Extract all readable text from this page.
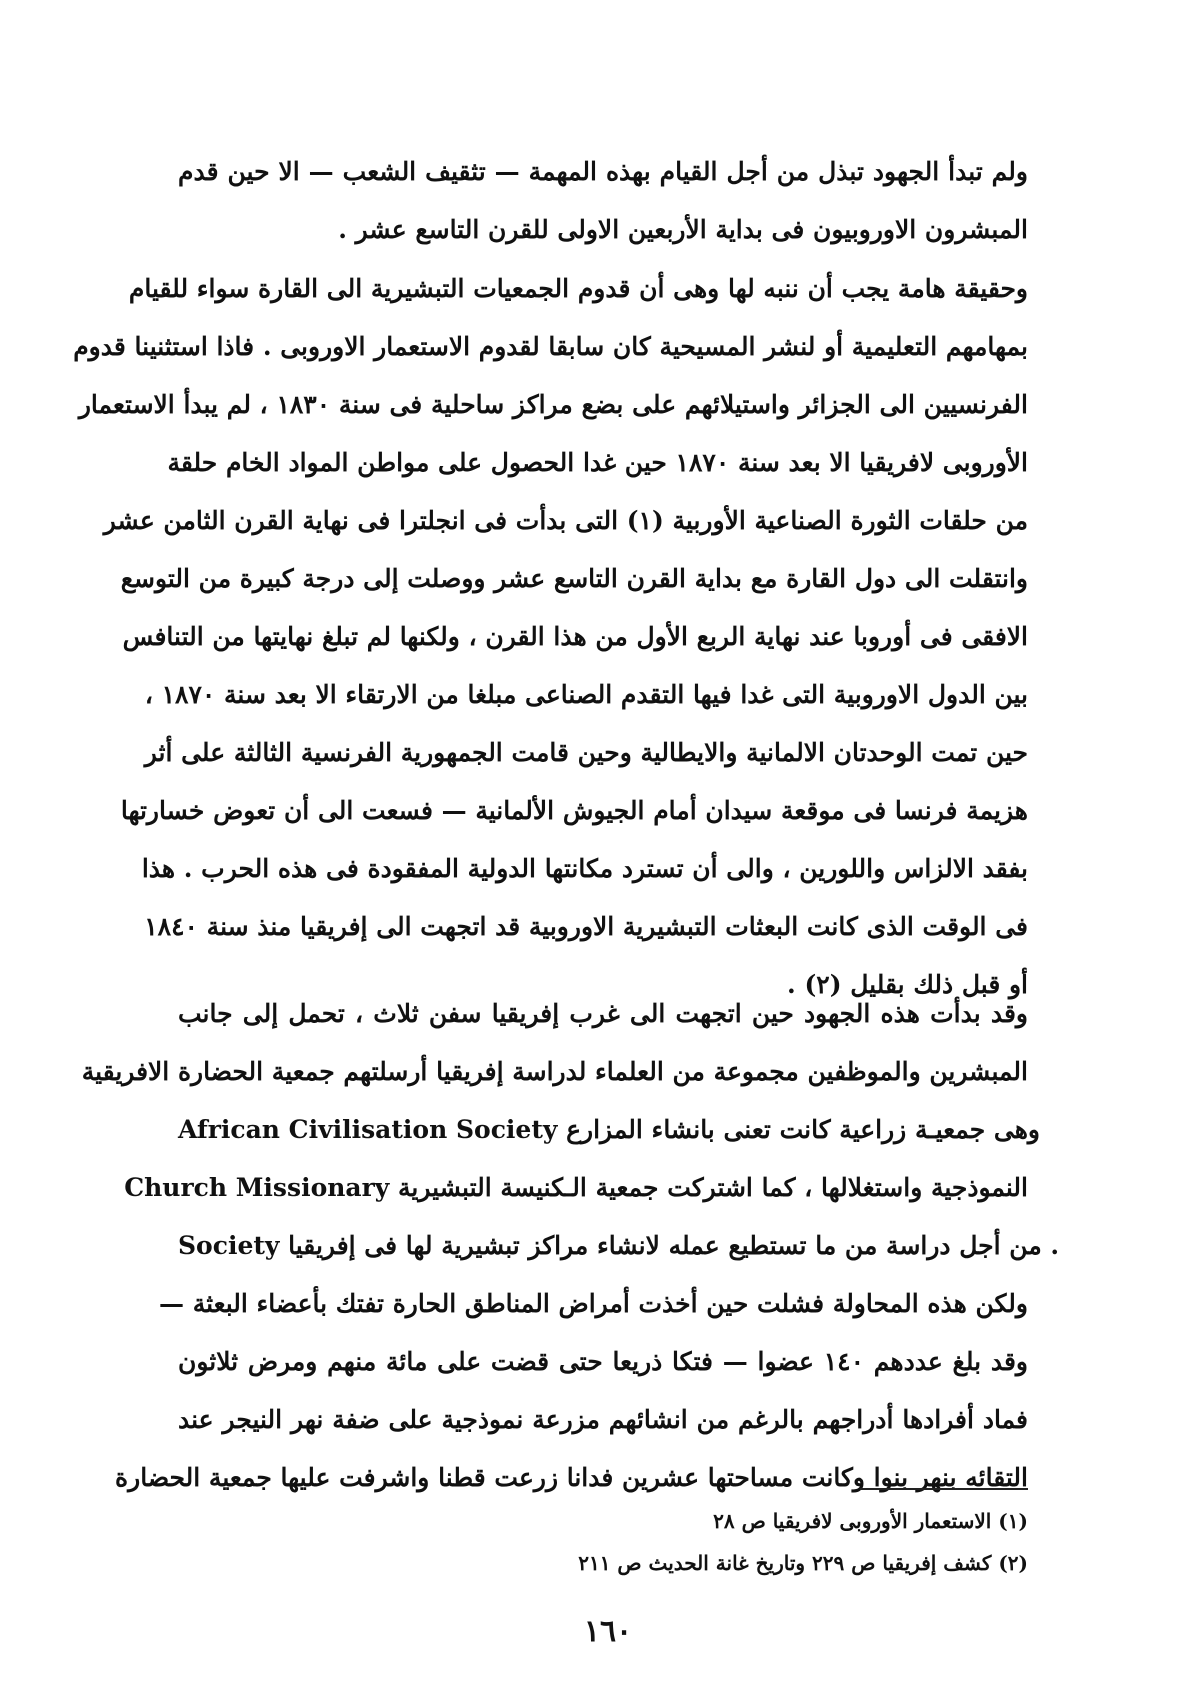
ولم تبدأ الجهود تبذل من أجل القيام بهذه المهمة — تثقيف الشعب — الا حين قدم
المبشرون الاوروبيون فى بداية الأربعين الاولى للقرن التاسع عشر .
وحقيقة هامة يجب أن ننبه لها وهى أن قدوم الجمعيات التبشيرية الى القارة سواء للقيام
بمهامهم التعليمية أو لنشر المسيحية كان سابقا لقدوم الاستعمار الاوروبى . فاذا استثنينا قدوم
الفرنسيين الى الجزائر واستيلائهم على بضع مراكز ساحلية فى سنة ١٨٣٠ ، لم يبدأ الاستعمار
الأوروبى لافريقيا الا بعد سنة ١٨٧٠ حين غدا الحصول على مواطن المواد الخام حلقة
من حلقات الثورة الصناعية الأوربية (١) التى بدأت فى انجلترا فى نهاية القرن الثامن عشر
وانتقلت الى دول القارة مع بداية القرن التاسع عشر ووصلت إلى درجة كبيرة من التوسع
الافقى فى أوروبا عند نهاية الربع الأول من هذا القرن ، ولكنها لم تبلغ نهايتها من التنافس
بين الدول الاوروبية التى غدا فيها التقدم الصناعى مبلغا من الارتقاء الا بعد سنة ١٨٧٠ ،
حين تمت الوحدتان الالمانية والايطالية وحين قامت الجمهورية الفرنسية الثالثة على أثر
هزيمة فرنسا فى موقعة سيدان أمام الجيوش الألمانية — فسعت الى أن تعوض خسارتها
بفقد الالزاس واللورين ، والى أن تسترد مكانتها الدولية المفقودة فى هذه الحرب . هذا
فى الوقت الذى كانت البعثات التبشيرية الاوروبية قد اتجهت الى إفريقيا منذ سنة ١٨٤٠
أو قبل ذلك بقليل (٢) .
وقد بدأت هذه الجهود حين اتجهت الى غرب إفريقيا سفن ثلاث ، تحمل إلى جانب
المبشرين والموظفين مجموعة من العلماء لدراسة إفريقيا أرسلتهم جمعية الحضارة الافريقية
African Civilisation Society وهى جمعيـة زراعية كانت تعنى بانشاء المزارع
النموذجية واستغلالها ، كما اشتركت جمعية الـكنيسة التبشيرية Church Missionary
Society من أجل دراسة من ما تستطيع عمله لانشاء مراكز تبشيرية لها فى إفريقيا .
ولكن هذه المحاولة فشلت حين أخذت أمراض المناطق الحارة تفتك بأعضاء البعثة —
وقد بلغ عددهم ١٤٠ عضوا — فتكا ذريعا حتى قضت على مائة منهم ومرض ثلاثون
فماد أفرادها أدراجهم بالرغم من انشائهم مزرعة نموذجية على ضفة نهر النيجر عند
التقائه بنهر بنوا وكانت مساحتها عشرين فدانا زرعت قطنا واشرفت عليها جمعية الحضارة
(١) الاستعمار الأوروبى لافريقيا ص ٢٨
(٢) كشف إفريقيا ص ٢٢٩ وتاريخ غانة الحديث ص ٢١١
١٦٠
